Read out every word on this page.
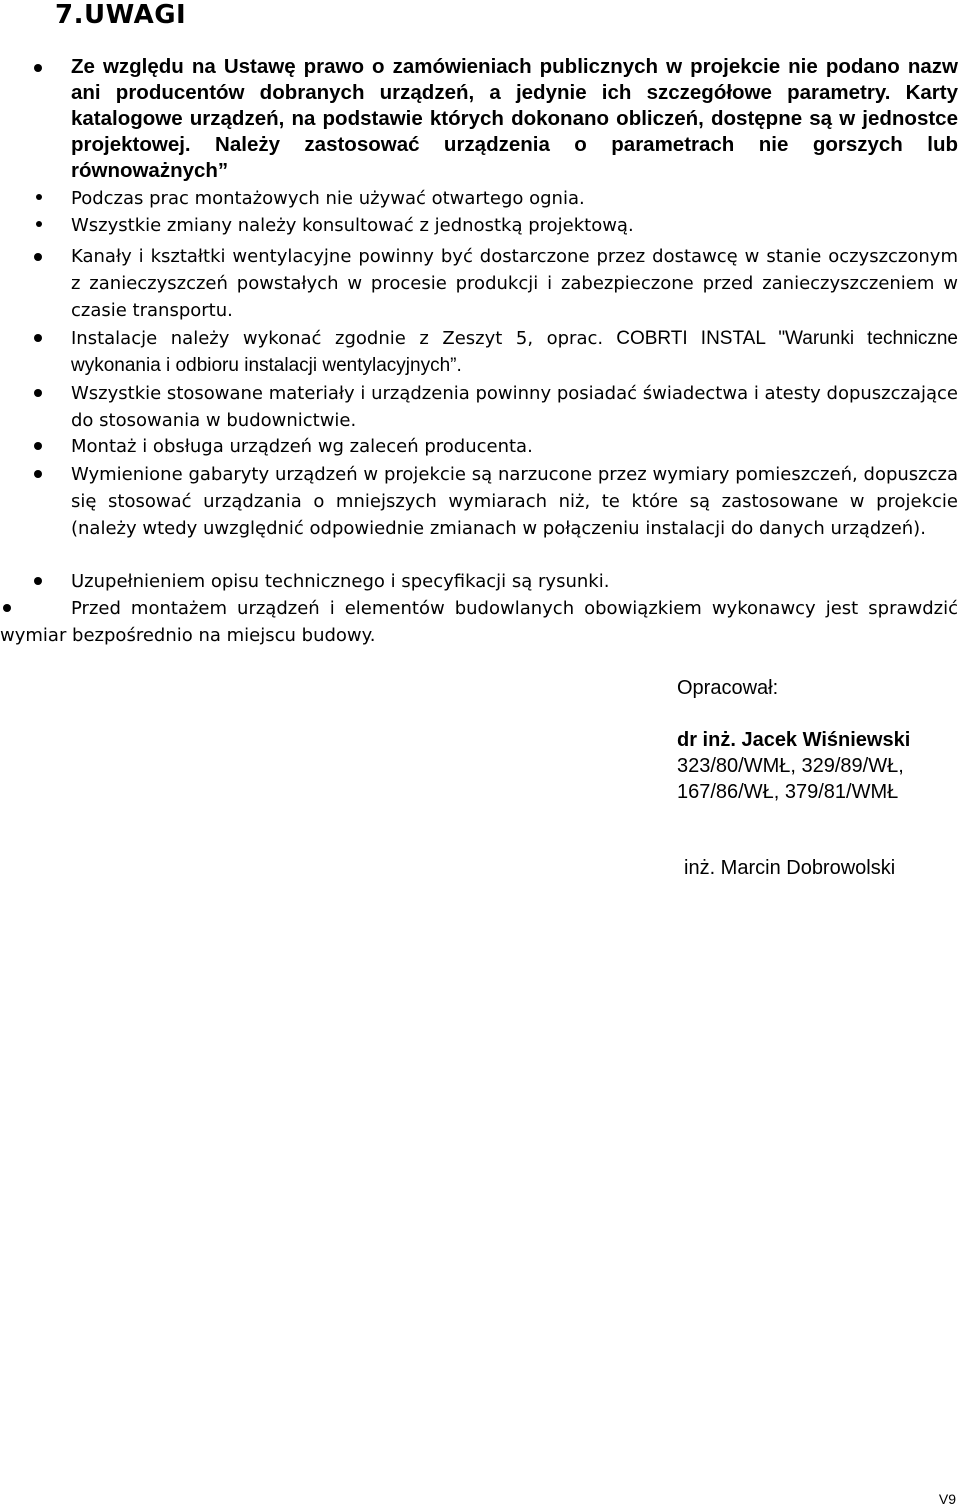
7.UWAGI
Ze względu na Ustawę prawo o zamówieniach publicznych w projekcie nie podano nazw ani producentów dobranych urządzeń, a jedynie ich szczegółowe parametry. Karty katalogowe urządzeń, na podstawie których dokonano obliczeń, dostępne są w jednostce projektowej. Należy zastosować urządzenia o parametrach nie gorszych lub równoważnych”
Podczas prac montażowych nie używać otwartego ognia.
Wszystkie zmiany należy konsultować z jednostką projektową.
Kanały i kształtki wentylacyjne powinny być dostarczone przez dostawcę w stanie oczyszczonym z zanieczyszczeń powstałych w procesie produkcji i zabezpieczone przed zanieczyszczeniem w czasie transportu.
Instalacje należy wykonać zgodnie z Zeszyt 5, oprac. COBRTI INSTAL "Warunki techniczne wykonania i odbioru instalacji wentylacyjnych”.
Wszystkie stosowane materiały i urządzenia powinny posiadać świadectwa i atesty dopuszczające do stosowania w budownictwie.
Montaż i obsługa urządzeń wg zaleceń producenta.
Wymienione gabaryty urządzeń w projekcie są narzucone przez wymiary pomieszczeń, dopuszcza się stosować urządzania o mniejszych wymiarach niż, te które są zastosowane w projekcie (należy wtedy uwzględnić odpowiednie zmianach w połączeniu instalacji do danych urządzeń).
Uzupełnieniem opisu technicznego i specyfikacji są rysunki.
Przed montażem urządzeń i elementów budowlanych obowiązkiem wykonawcy jest sprawdzić wymiar bezpośrednio na miejscu budowy.
Opracował:
dr inż. Jacek Wiśniewski
323/80/WMŁ, 329/89/WŁ,
167/86/WŁ, 379/81/WMŁ
inż. Marcin Dobrowolski
V9
